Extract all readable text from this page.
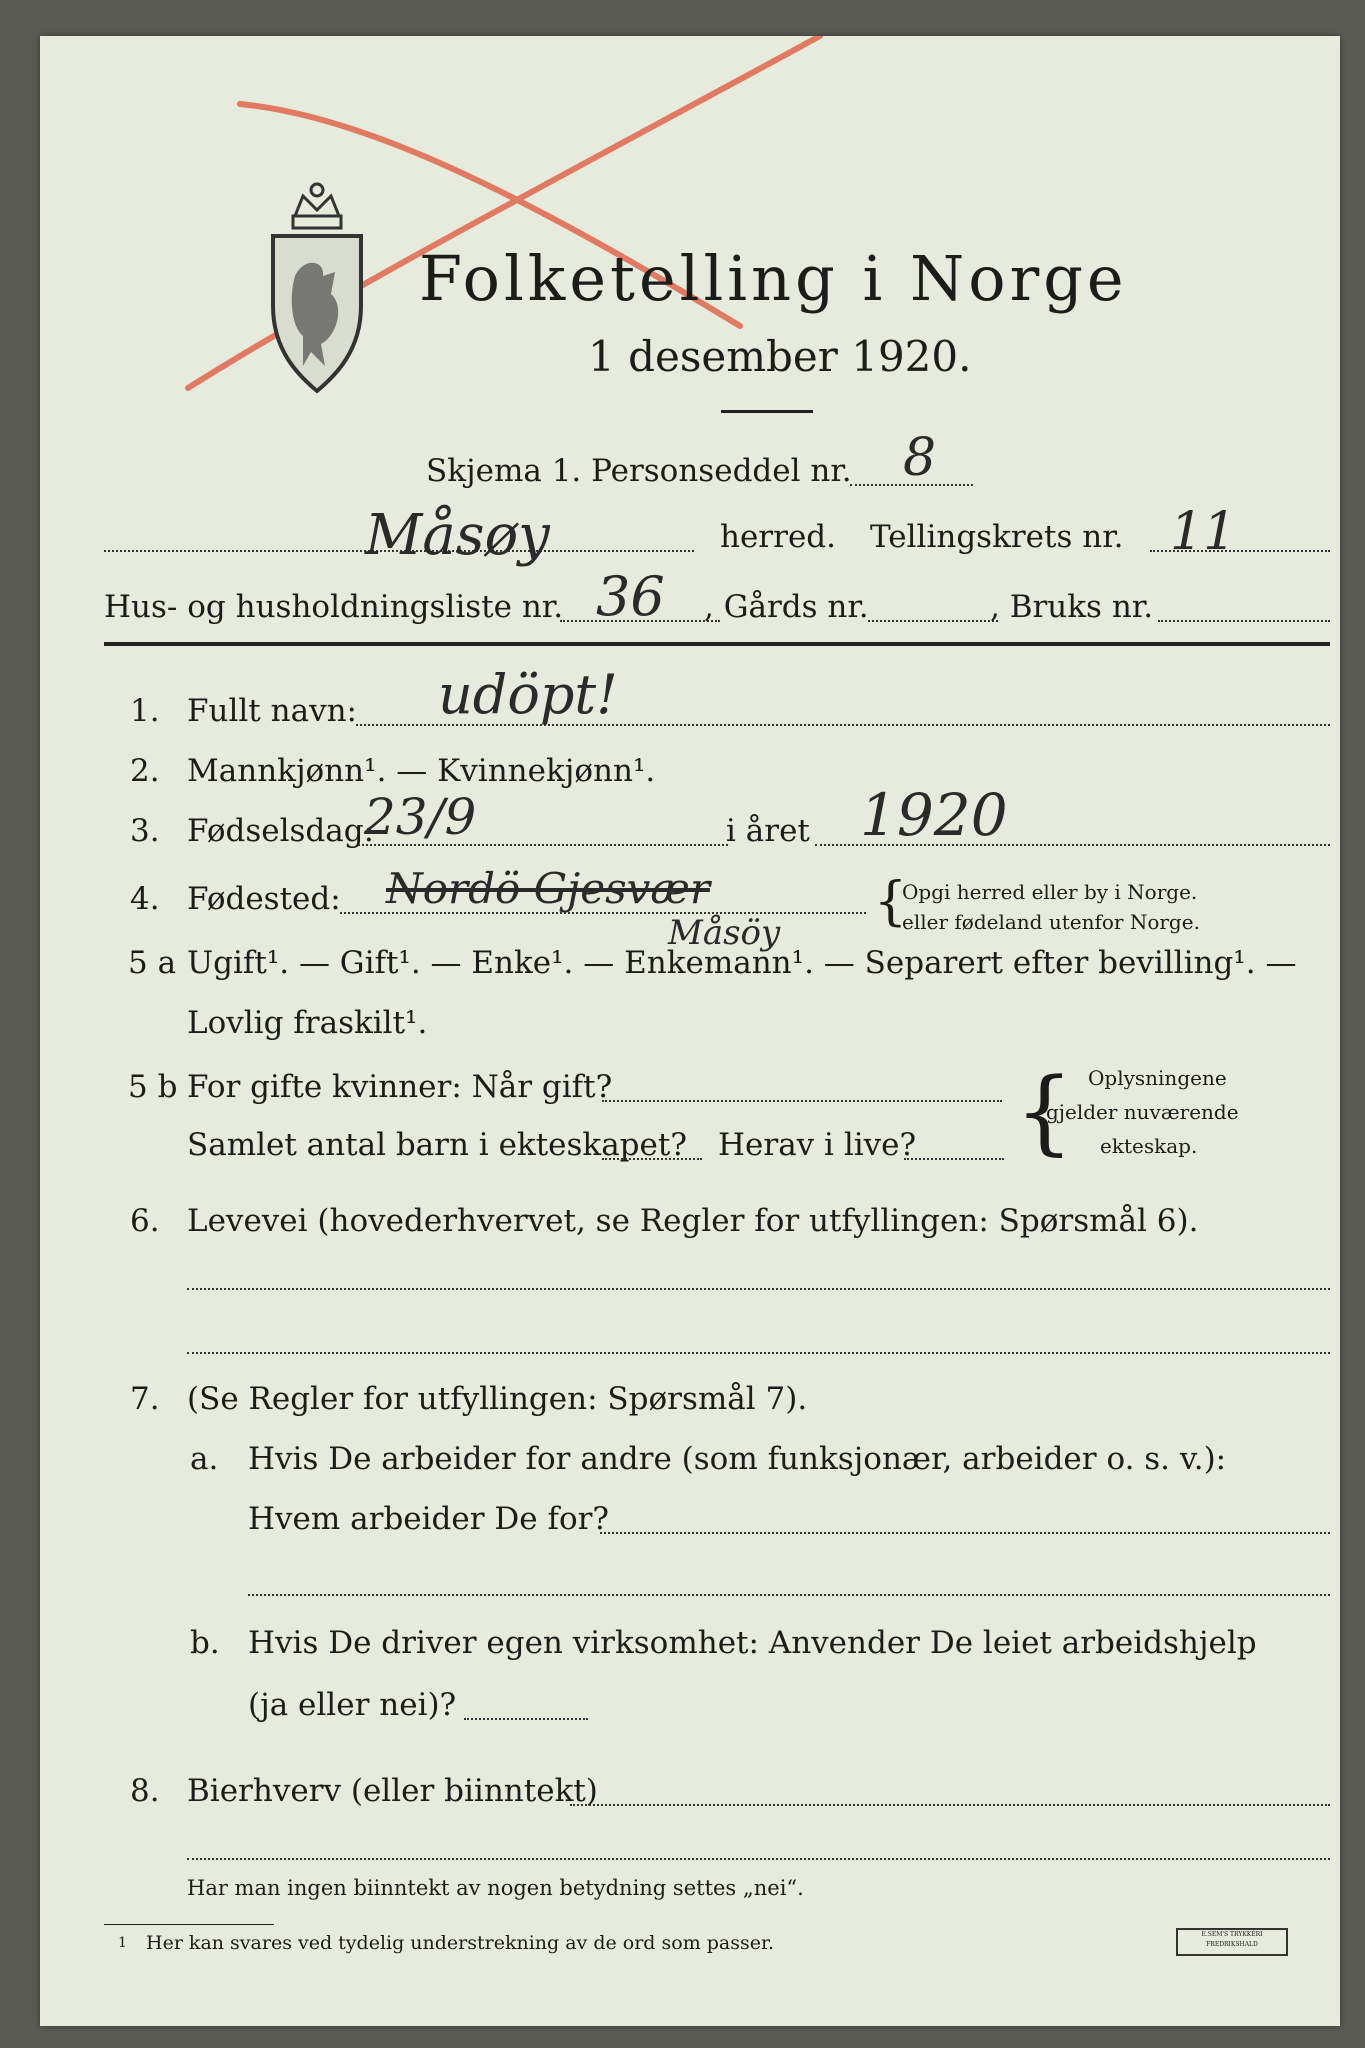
Folketelling i Norge
1 desember 1920.
Skjema 1. Personseddel nr. 8
Måsøy	herred. Tellingskrets nr. 11
Hus- og husholdningsliste nr. 36 , Gårds nr.	, Bruks nr.
1. Fullt navn: udöpt!
2. Mannkjønn¹. — Kvinnekjønn¹.
3. Fødselsdag:
23/9	i året 1920
4. Fødested: Nordö Gjesvær
Måsöy
{
Opgi herred eller by i Norge.
eller fødeland utenfor Norge.
5 a Ugift¹. — Gift¹. — Enke¹. — Enkemann¹. — Separert efter bevilling¹. —
Lovlig fraskilt¹.
5 b For gifte kvinner: Når gift?
Samlet antal barn i ekteskapet? Herav i live? { Oplysningene
gjelder nuværende
ekteskap.
6. Levevei (hovederhvervet, se Regler for utfyllingen: Spørsmål 6).
7. (Se Regler for utfyllingen: Spørsmål 7).
a. Hvis De arbeider for andre (som funksjonær, arbeider o. s. v.):
Hvem arbeider De for?
b. Hvis De driver egen virksomhet: Anvender De leiet arbeidshjelp
(ja eller nei)?
8. Bierhverv (eller biinntekt)
Har man ingen biinntekt av nogen betydning settes „nei“.
1 Her kan svares ved tydelig understrekning av de ord som passer.	E.SEM'S TRYKKERI FREDRIKSHALD
